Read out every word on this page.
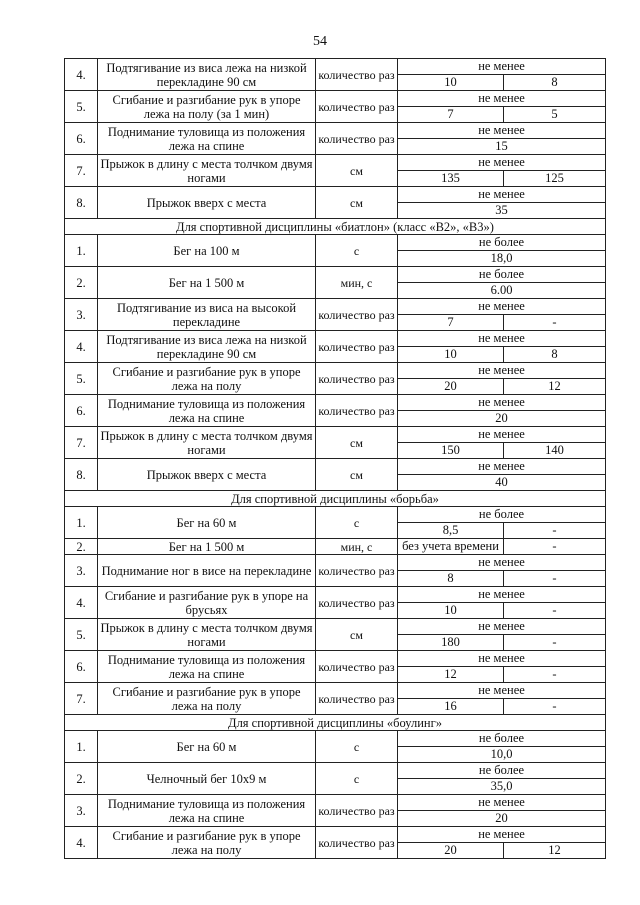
54
4.	Подтягивание из виса лежа на низкой перекладине 90 см	количество раз	не менее
10 8

5.	Сгибание и разгибание рук в упоре лежа на полу (за 1 мин)	количество раз	не менее
7 5

6.	Поднимание туловища из положения лежа на спине	количество раз	не менее
15

7.	Прыжок в длину с места толчком двумя ногами	см	не менее
135 125

8.	Прыжок вверх с места	см	не менее
35

Для спортивной дисциплины «биатлон» (класс «В2», «В3»)			
1.	Бег на 100 м	с	не более
18,0

2.	Бег на 1 500 м	мин, с	не более
6.00

3.	Подтягивание из виса на высокой перекладине	количество раз	не менее
7 -

4.	Подтягивание из виса лежа на низкой перекладине 90 см	количество раз	не менее
10 8

5.	Сгибание и разгибание рук в упоре лежа на полу	количество раз	не менее
20 12

6.	Поднимание туловища из положения лежа на спине	количество раз	не менее
20

7.	Прыжок в длину с места толчком двумя ногами	см	не менее
150 140

8.	Прыжок вверх с места	см	не менее
40

Для спортивной дисциплины «борьба»			
1.	Бег на 60 м	с	не более
8,5 -

2.	Бег на 1 500 м	мин, с	без учета времени -

3.	Поднимание ног в висе на перекладине	количество раз	не менее
8 -

4.	Сгибание и разгибание рук в упоре на брусьях	количество раз	не менее
10 -

5.	Прыжок в длину с места толчком двумя ногами	см	не менее
180 -

6.	Поднимание туловища из положения лежа на спине	количество раз	не менее
12 -

7.	Сгибание и разгибание рук в упоре лежа на полу	количество раз	не менее
16 -

Для спортивной дисциплины «боулинг»			
1.	Бег на 60 м	с	не более
10,0

2.	Челночный бег 10х9 м	с	не более
35,0

3.	Поднимание туловища из положения лежа на спине	количество раз	не менее
20

4.	Сгибание и разгибание рук в упоре лежа на полу	количество раз	не менее
20 12
